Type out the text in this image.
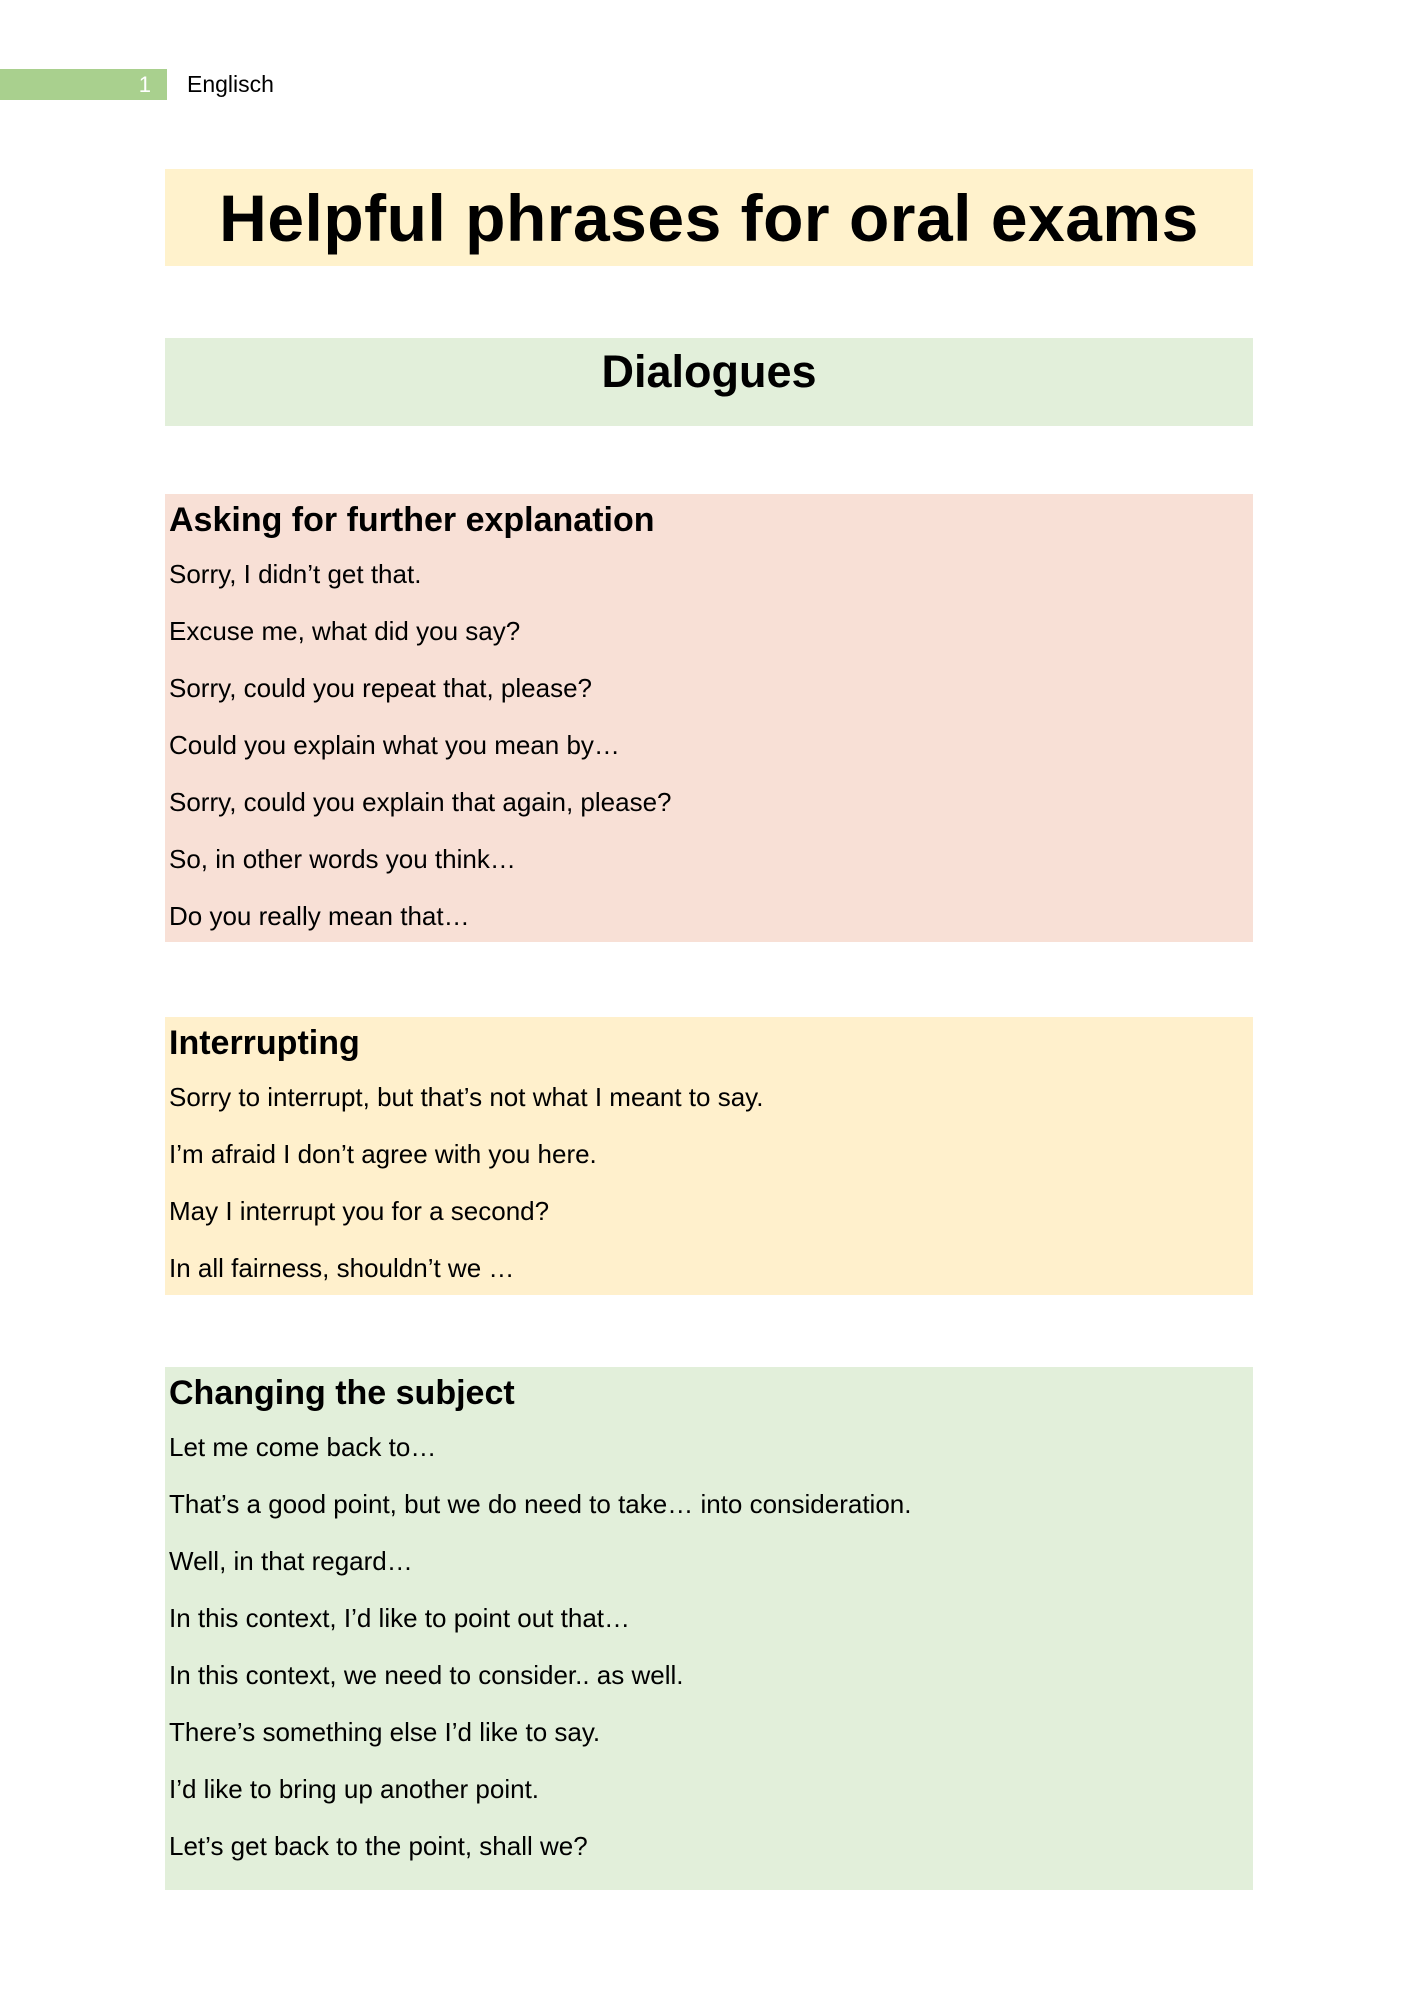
1	Englisch
Helpful phrases for oral exams
Dialogues
Asking for further explanation
Sorry, I didn’t get that.
Excuse me, what did you say?
Sorry, could you repeat that, please?
Could you explain what you mean by…
Sorry, could you explain that again, please?
So, in other words you think…
Do you really mean that…
Interrupting
Sorry to interrupt, but that’s not what I meant to say.
I’m afraid I don’t agree with you here.
May I interrupt you for a second?
In all fairness, shouldn’t we …
Changing the subject
Let me come back to…
That’s a good point, but we do need to take… into consideration.
Well, in that regard…
In this context, I’d like to point out that…
In this context, we need to consider.. as well.
There’s something else I’d like to say.
I’d like to bring up another point.
Let’s get back to the point, shall we?
